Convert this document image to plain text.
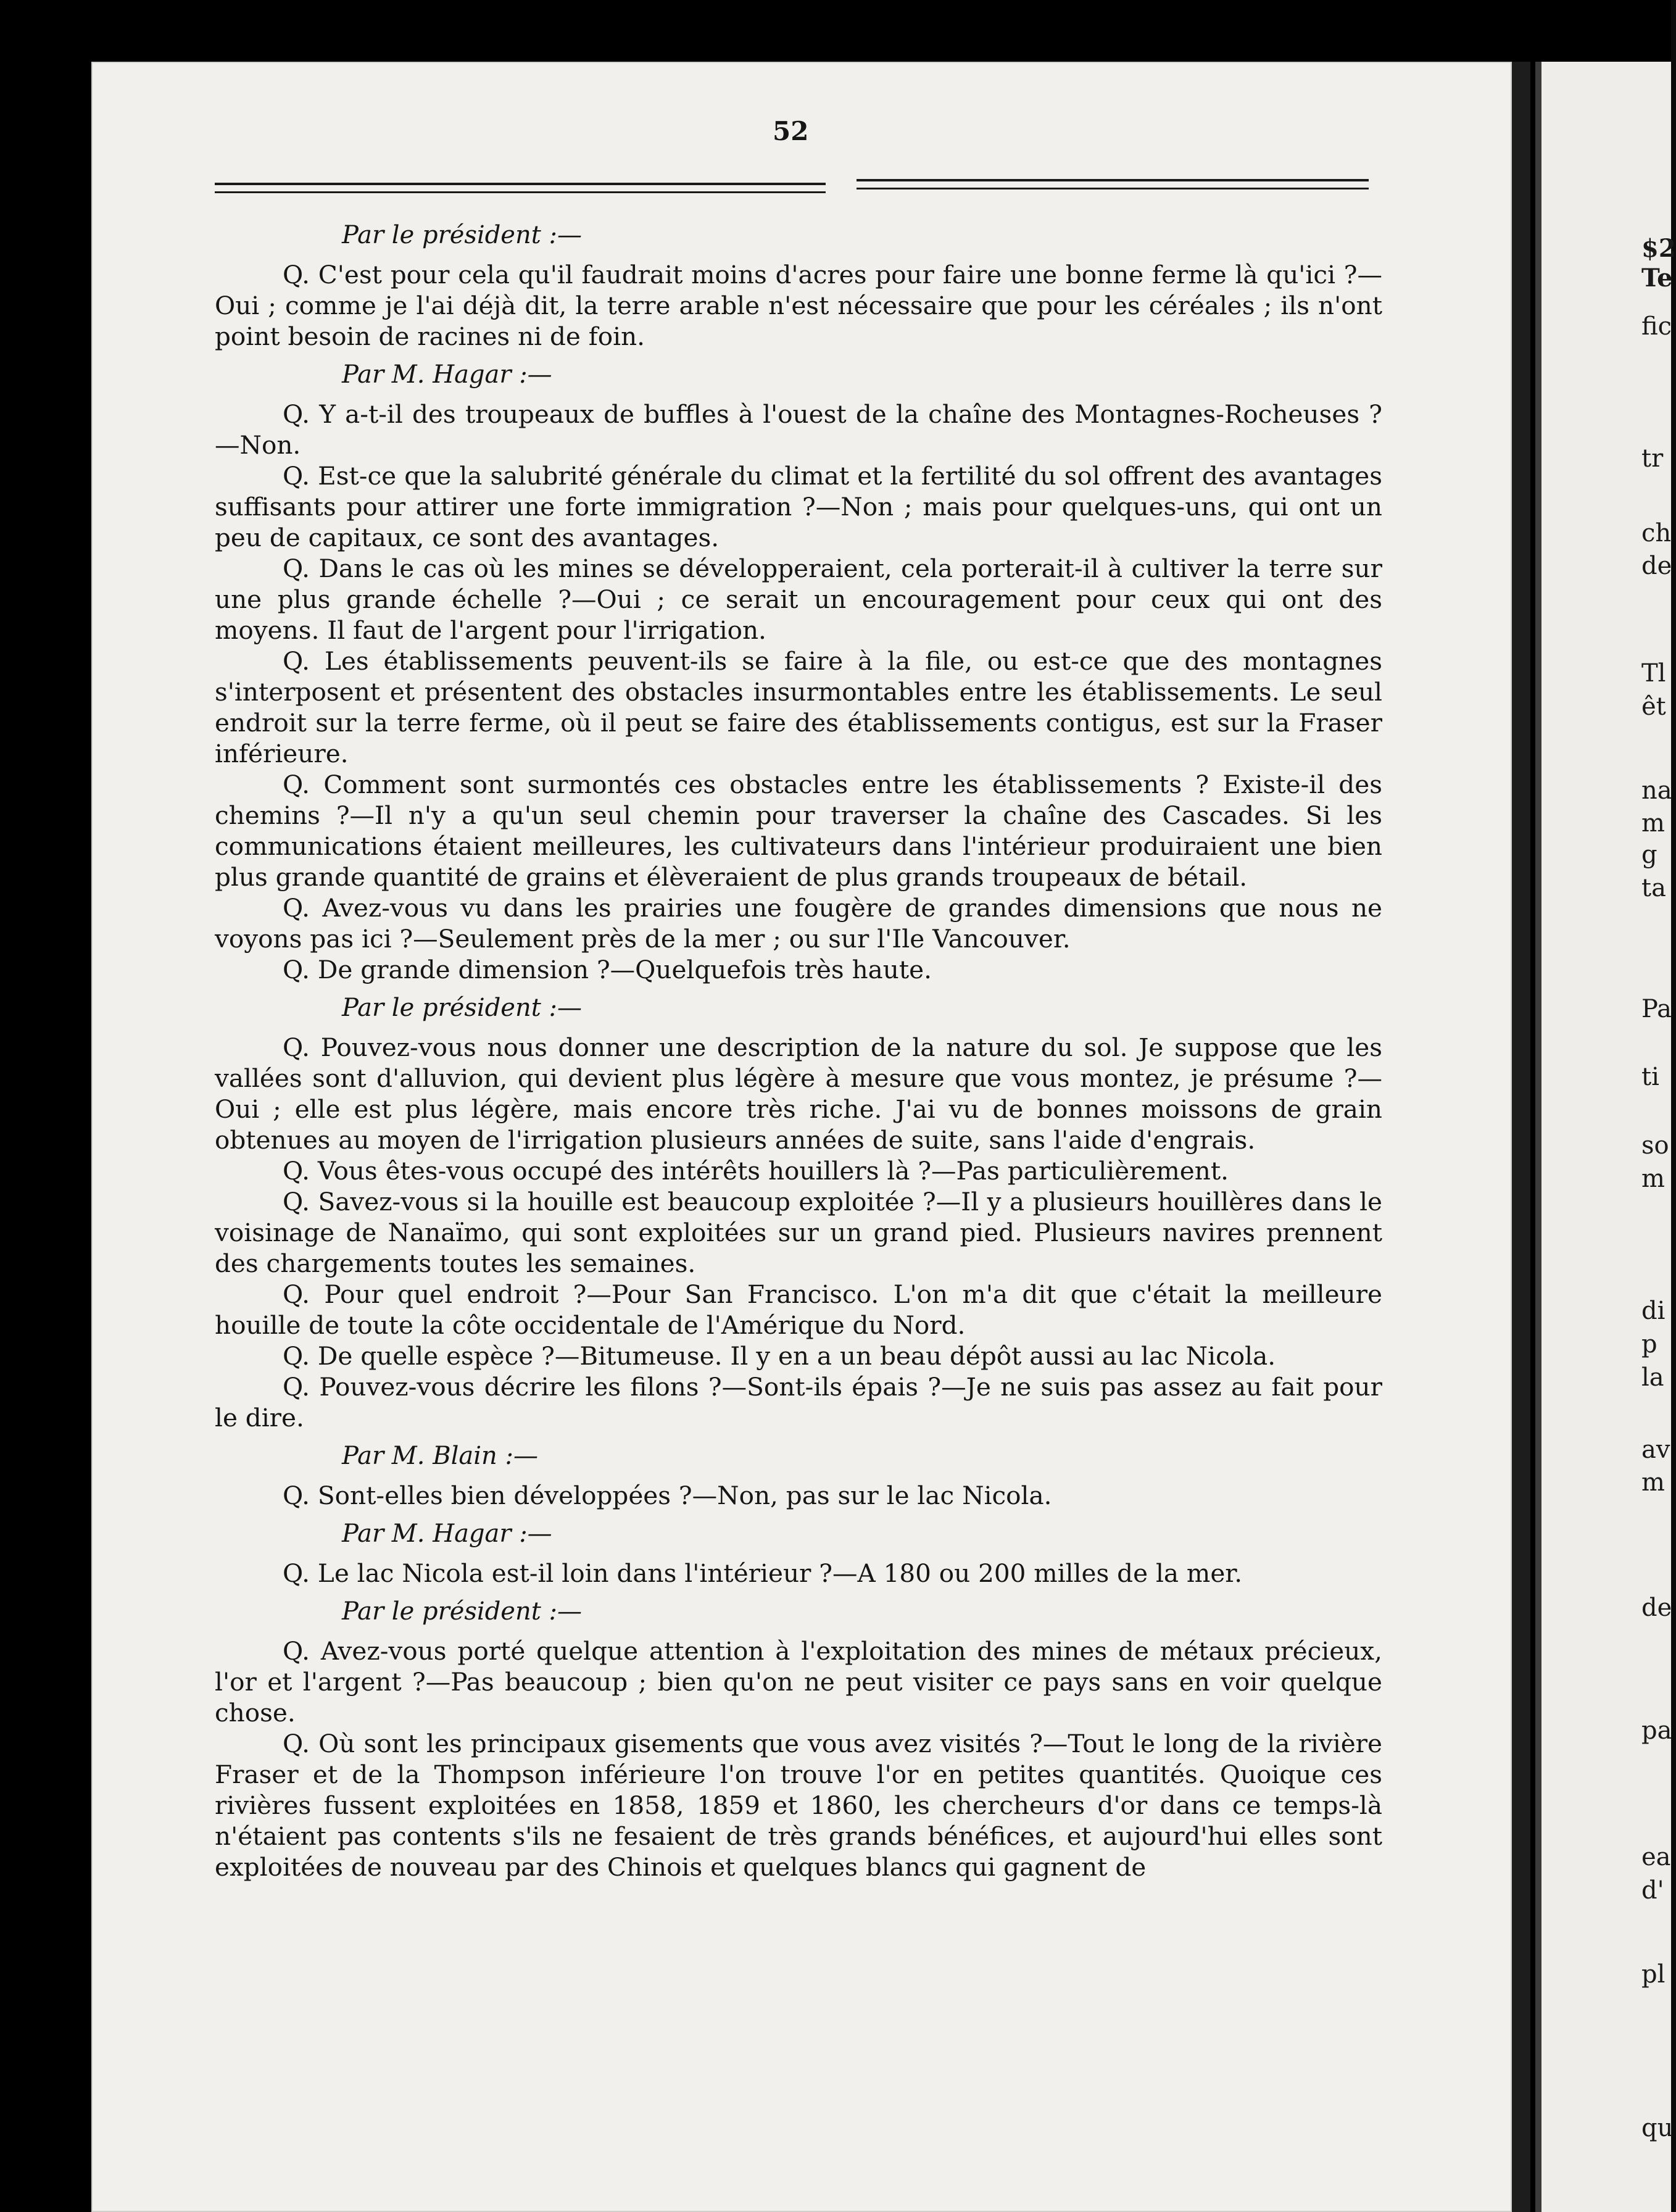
52

Par le président :—

Q. C'est pour cela qu'il faudrait moins d'acres pour faire une bonne ferme là qu'ici ?—Oui ; comme je l'ai déjà dit, la terre arable n'est nécessaire que pour les céréales ; ils n'ont point besoin de racines ni de foin.

Par M. Hagar :—

Q. Y a-t-il des troupeaux de buffles à l'ouest de la chaîne des Montagnes-Rocheuses ?—Non.

Q. Est-ce que la salubrité générale du climat et la fertilité du sol offrent des avantages suffisants pour attirer une forte immigration ?—Non ; mais pour quelques-uns, qui ont un peu de capitaux, ce sont des avantages.

Q. Dans le cas où les mines se développeraient, cela porterait-il à cultiver la terre sur une plus grande échelle ?—Oui ; ce serait un encouragement pour ceux qui ont des moyens. Il faut de l'argent pour l'irrigation.

Q. Les établissements peuvent-ils se faire à la file, ou est-ce que des montagnes s'interposent et présentent des obstacles insurmontables entre les établissements. Le seul endroit sur la terre ferme, où il peut se faire des établissements contigus, est sur la Fraser inférieure.

Q. Comment sont surmontés ces obstacles entre les établissements ? Existe-il des chemins ?—Il n'y a qu'un seul chemin pour traverser la chaîne des Cascades. Si les communications étaient meilleures, les cultivateurs dans l'intérieur produiraient une bien plus grande quantité de grains et élèveraient de plus grands troupeaux de bétail.

Q. Avez-vous vu dans les prairies une fougère de grandes dimensions que nous ne voyons pas ici ?—Seulement près de la mer ; ou sur l'Ile Vancouver.

Q. De grande dimension ?—Quelquefois très haute.

Par le président :—

Q. Pouvez-vous nous donner une description de la nature du sol. Je suppose que les vallées sont d'alluvion, qui devient plus légère à mesure que vous montez, je présume ?—Oui ; elle est plus légère, mais encore très riche. J'ai vu de bonnes moissons de grain obtenues au moyen de l'irrigation plusieurs années de suite, sans l'aide d'engrais.

Q. Vous êtes-vous occupé des intérêts houillers là ?—Pas particulièrement.

Q. Savez-vous si la houille est beaucoup exploitée ?—Il y a plusieurs houillères dans le voisinage de Nanaïmo, qui sont exploitées sur un grand pied. Plusieurs navires prennent des chargements toutes les semaines.

Q. Pour quel endroit ?—Pour San Francisco. L'on m'a dit que c'était la meilleure houille de toute la côte occidentale de l'Amérique du Nord.

Q. De quelle espèce ?—Bitumeuse. Il y en a un beau dépôt aussi au lac Nicola.

Q. Pouvez-vous décrire les filons ?—Sont-ils épais ?—Je ne suis pas assez au fait pour le dire.

Par M. Blain :—

Q. Sont-elles bien développées ?—Non, pas sur le lac Nicola.

Par M. Hagar :—

Q. Le lac Nicola est-il loin dans l'intérieur ?—A 180 ou 200 milles de la mer.

Par le président :—

Q. Avez-vous porté quelque attention à l'exploitation des mines de métaux précieux, l'or et l'argent ?—Pas beaucoup ; bien qu'on ne peut visiter ce pays sans en voir quelque chose.

Q. Où sont les principaux gisements que vous avez visités ?—Tout le long de la rivière Fraser et de la Thompson inférieure l'on trouve l'or en petites quantités. Quoique ces rivières fussent exploitées en 1858, 1859 et 1860, les chercheurs d'or dans ce temps-là n'étaient pas contents s'ils ne fesaient de très grands bénéfices, et aujourd'hui elles sont exploitées de nouveau par des Chinois et quelques blancs qui gagnent de

$2
Te
fic
tr
ch
de
Tl
êt
na
m
g
ta
Pa
ti
so
m
di
p
la
av
m
de
pa
ea
d'
pl
qu
